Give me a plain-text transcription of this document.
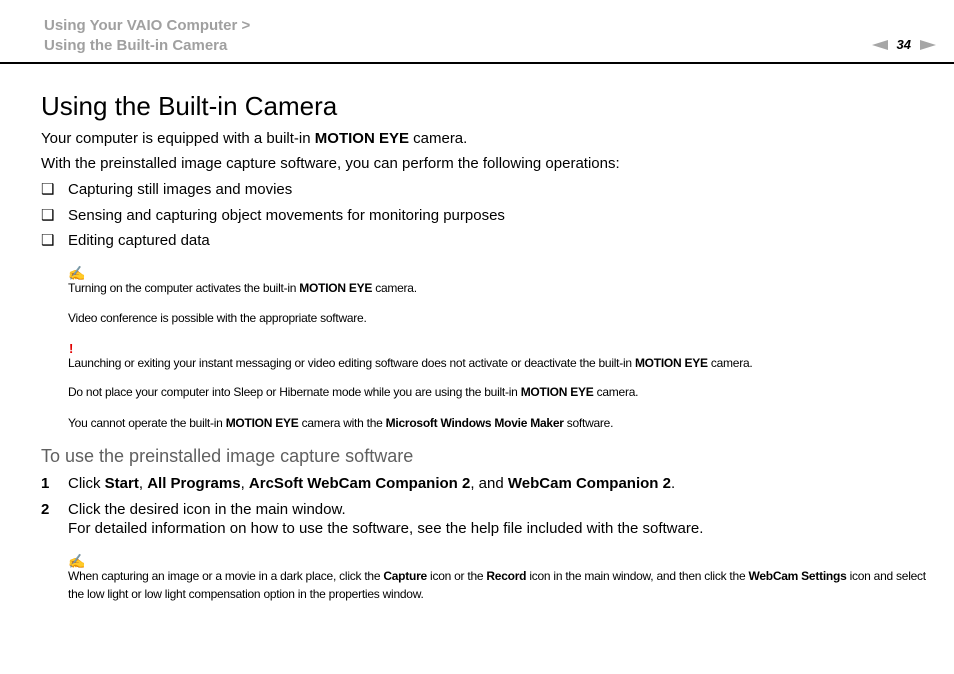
Using Your VAIO Computer >
Using the Built-in Camera	34
Using the Built-in Camera

Your computer is equipped with a built-in MOTION EYE camera.

With the preinstalled image capture software, you can perform the following operations:

❑ Capturing still images and movies
❑ Sensing and capturing object movements for monitoring purposes
❑ Editing captured data
✍
Turning on the computer activates the built-in MOTION EYE camera.
Video conference is possible with the appropriate software.
!
Launching or exiting your instant messaging or video editing software does not activate or deactivate the built-in MOTION EYE camera.
Do not place your computer into Sleep or Hibernate mode while you are using the built-in MOTION EYE camera.
You cannot operate the built-in MOTION EYE camera with the Microsoft Windows Movie Maker software.
To use the preinstalled image capture software
1 Click Start, All Programs, ArcSoft WebCam Companion 2, and WebCam Companion 2.
2 Click the desired icon in the main window.
For detailed information on how to use the software, see the help file included with the software.
✍
When capturing an image or a movie in a dark place, click the Capture icon or the Record icon in the main window, and then click the WebCam Settings icon and select the low light or low light compensation option in the properties window.
